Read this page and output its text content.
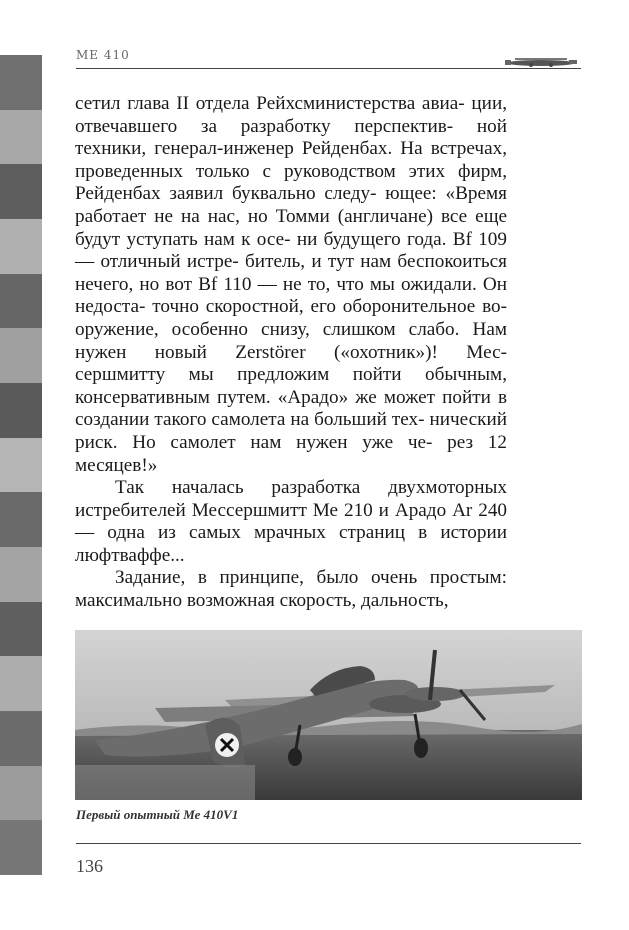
ME 410

сетил глава II отдела Рейхсминистерства авиа- ции, отвечавшего за разработку перспектив- ной техники, генерал-инженер Рейденбах. На встречах, проведенных только с руководством этих фирм, Рейденбах заявил буквально следу- ющее: «Время работает не на нас, но Томми (англичане) все еще будут уступать нам к осе- ни будущего года. Bf 109 — отличный истре- битель, и тут нам беспокоиться нечего, но вот Bf 110 — не то, что мы ожидали. Он недоста- точно скоростной, его оборонительное во- оружение, особенно снизу, слишком слабо. Нам нужен новый Zerstörer («охотник»)! Мес- сершмитту мы предложим пойти обычным, консервативным путем. «Арадо» же может пойти в создании такого самолета на больший тех- нический риск. Но самолет нам нужен уже че- рез 12 месяцев!»

Так началась разработка двухмоторных истребителей Мессершмитт Ме 210 и Арадо Ar 240 — одна из самых мрачных страниц в истории люфтваффе...

Задание, в принципе, было очень простым: максимально возможная скорость, дальность,

Первый опытный Ме 410V1
136
